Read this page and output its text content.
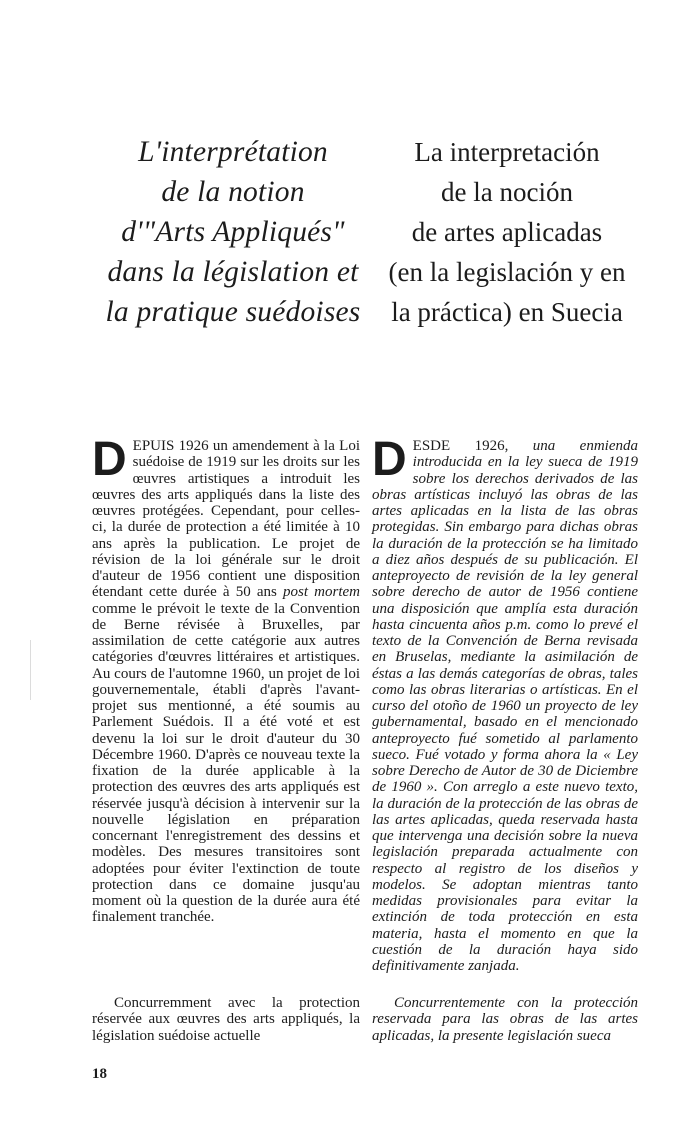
L'interprétation
de la notion
d'"Arts Appliqués"
dans la législation et
la pratique suédoises
La interpretación
de la noción
de artes aplicadas
(en la legislación y en
la práctica) en Suecia

DEPUIS 1926 un amendement à la Loi suédoise de 1919 sur les droits sur les œuvres artistiques a introduit les œuvres des arts appliqués dans la liste des œuvres protégées. Cependant, pour celles-ci, la durée de protection a été limitée à 10 ans après la publication. Le projet de révision de la loi générale sur le droit d'auteur de 1956 contient une disposition étendant cette durée à 50 ans post mortem comme le prévoit le texte de la Convention de Berne révisée à Bruxelles, par assimilation de cette catégorie aux autres catégories d'œuvres littéraires et artistiques. Au cours de l'automne 1960, un projet de loi gouvernementale, établi d'après l'avant-projet sus mentionné, a été soumis au Parlement Suédois. Il a été voté et est devenu la loi sur le droit d'auteur du 30 Décembre 1960. D'après ce nouveau texte la fixation de la durée applicable à la protection des œuvres des arts appliqués est réservée jusqu'à décision à intervenir sur la nouvelle législation en préparation concernant l'enregistrement des dessins et modèles. Des mesures transitoires sont adoptées pour éviter l'extinction de toute protection dans ce domaine jusqu'au moment où la question de la durée aura été finalement tranchée.

DESDE 1926, una enmienda introducida en la ley sueca de 1919 sobre los derechos derivados de las obras artísticas incluyó las obras de las artes aplicadas en la lista de las obras protegidas. Sin embargo para dichas obras la duración de la protección se ha limitado a diez años después de su publicación. El anteproyecto de revisión de la ley general sobre derecho de autor de 1956 contiene una disposición que amplía esta duración hasta cincuenta años p.m. como lo prevé el texto de la Convención de Berna revisada en Bruselas, mediante la asimilación de éstas a las demás categorías de obras, tales como las obras literarias o artísticas. En el curso del otoño de 1960 un proyecto de ley gubernamental, basado en el mencionado anteproyecto fué sometido al parlamento sueco. Fué votado y forma ahora la « Ley sobre Derecho de Autor de 30 de Diciembre de 1960 ». Con arreglo a este nuevo texto, la duración de la protección de las obras de las artes aplicadas, queda reservada hasta que intervenga una decisión sobre la nueva legislación preparada actualmente con respecto al registro de los diseños y modelos. Se adoptan mientras tanto medidas provisionales para evitar la extinción de toda protección en esta materia, hasta el momento en que la cuestión de la duración haya sido definitivamente zanjada.

Concurremment avec la protection réservée aux œuvres des arts appliqués, la législation suédoise actuelle

Concurrentemente con la protección reservada para las obras de las artes aplicadas, la presente legislación sueca

18
